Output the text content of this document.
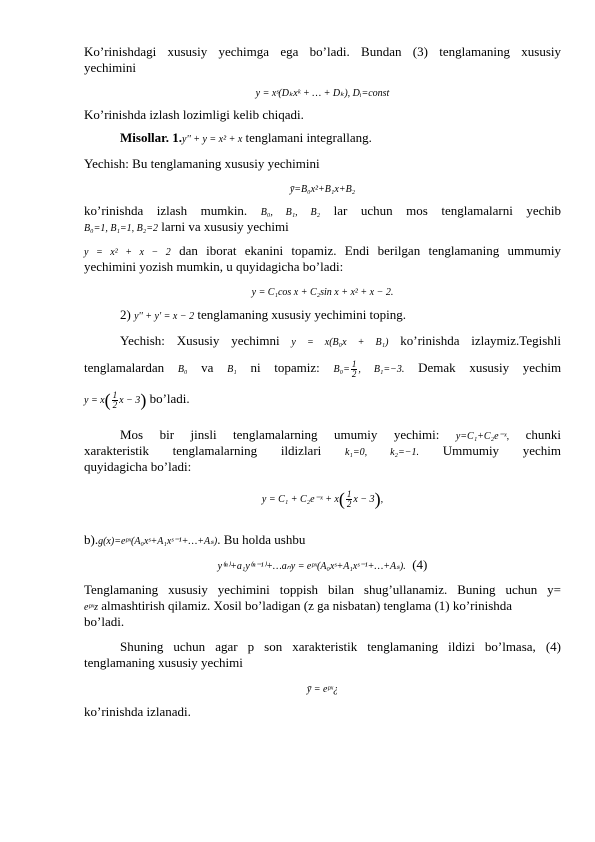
Ko’rinishdagi xususiy yechimga ega bo’ladi. Bundan (3) tenglamaning xususiy
yechimini
y = xˢ(Dₖxᵏ + … + Dₖ), Dᵢ=const
Ko’rinishda izlash lozimligi kelib chiqadi.
Misollar. 1.y'' + y = x² + x tenglamani integrallang.
Yechish: Bu tenglamaning xususiy yechimini
ȳ=B₀x²+B₁x+B₂
ko’rinishda izlash mumkin. B₀, B₁, B₂ lar uchun mos tenglamalarni yechib
B₀=1, B₁=1, B₂=2 larni va xususiy yechimi
y = x² + x − 2 dan iborat ekanini topamiz. Endi berilgan tenglamaning ummumiy
yechimini yozish mumkin, u quyidagicha bo’ladi:
y = C₁cos x + C₂sin x + x² + x − 2.
2) y'' + y' = x − 2 tenglamaning xususiy yechimini toping.
Yechish: Xususiy yechimni y = x(B₀x + B₁) ko’rinishda izlaymiz.Tegishli
tenglamalardan B₀ va B₁ ni topamiz: $B_0= \frac{1}{2}$ , B₁=−3. Demak xususiy yechim
$y = x( \frac{1}{2}$ x − 3) bo’ladi.
Mos bir jinsli tenglamalarning umumiy yechimi: y=C₁+C₂e⁻ˣ, chunki
xarakteristik tenglamalarning ildizlari k₁=0, k₂=−1. Ummumiy yechim
quyidagicha bo’ladi:
y = C₁ + C₂e⁻ˣ + $x( \frac{1}{2}$ x − 3),
b).g(x)=eᵖˣ(A₀xˢ+A₁xˢ⁻¹+…+Aₛ). Bu holda ushbu
y⁽ⁿ⁾+a₁y⁽ⁿ⁻¹⁾+…aₙy = eᵖˣ(A₀xˢ+A₁xˢ⁻¹+…+Aₛ). (4)
Tenglamaning xususiy yechimini toppish bilan shug’ullanamiz. Buning uchun y=
eᵖˣz almashtirish qilamiz. Xosil bo’ladigan (z ga nisbatan) tenglama (1) ko’rinishda
bo’ladi.
Shuning uchun agar p son xarakteristik tenglamaning ildizi bo’lmasa, (4)
tenglamaning xususiy yechimi
ȳ = eᵖˣ¿
ko’rinishda izlanadi.
